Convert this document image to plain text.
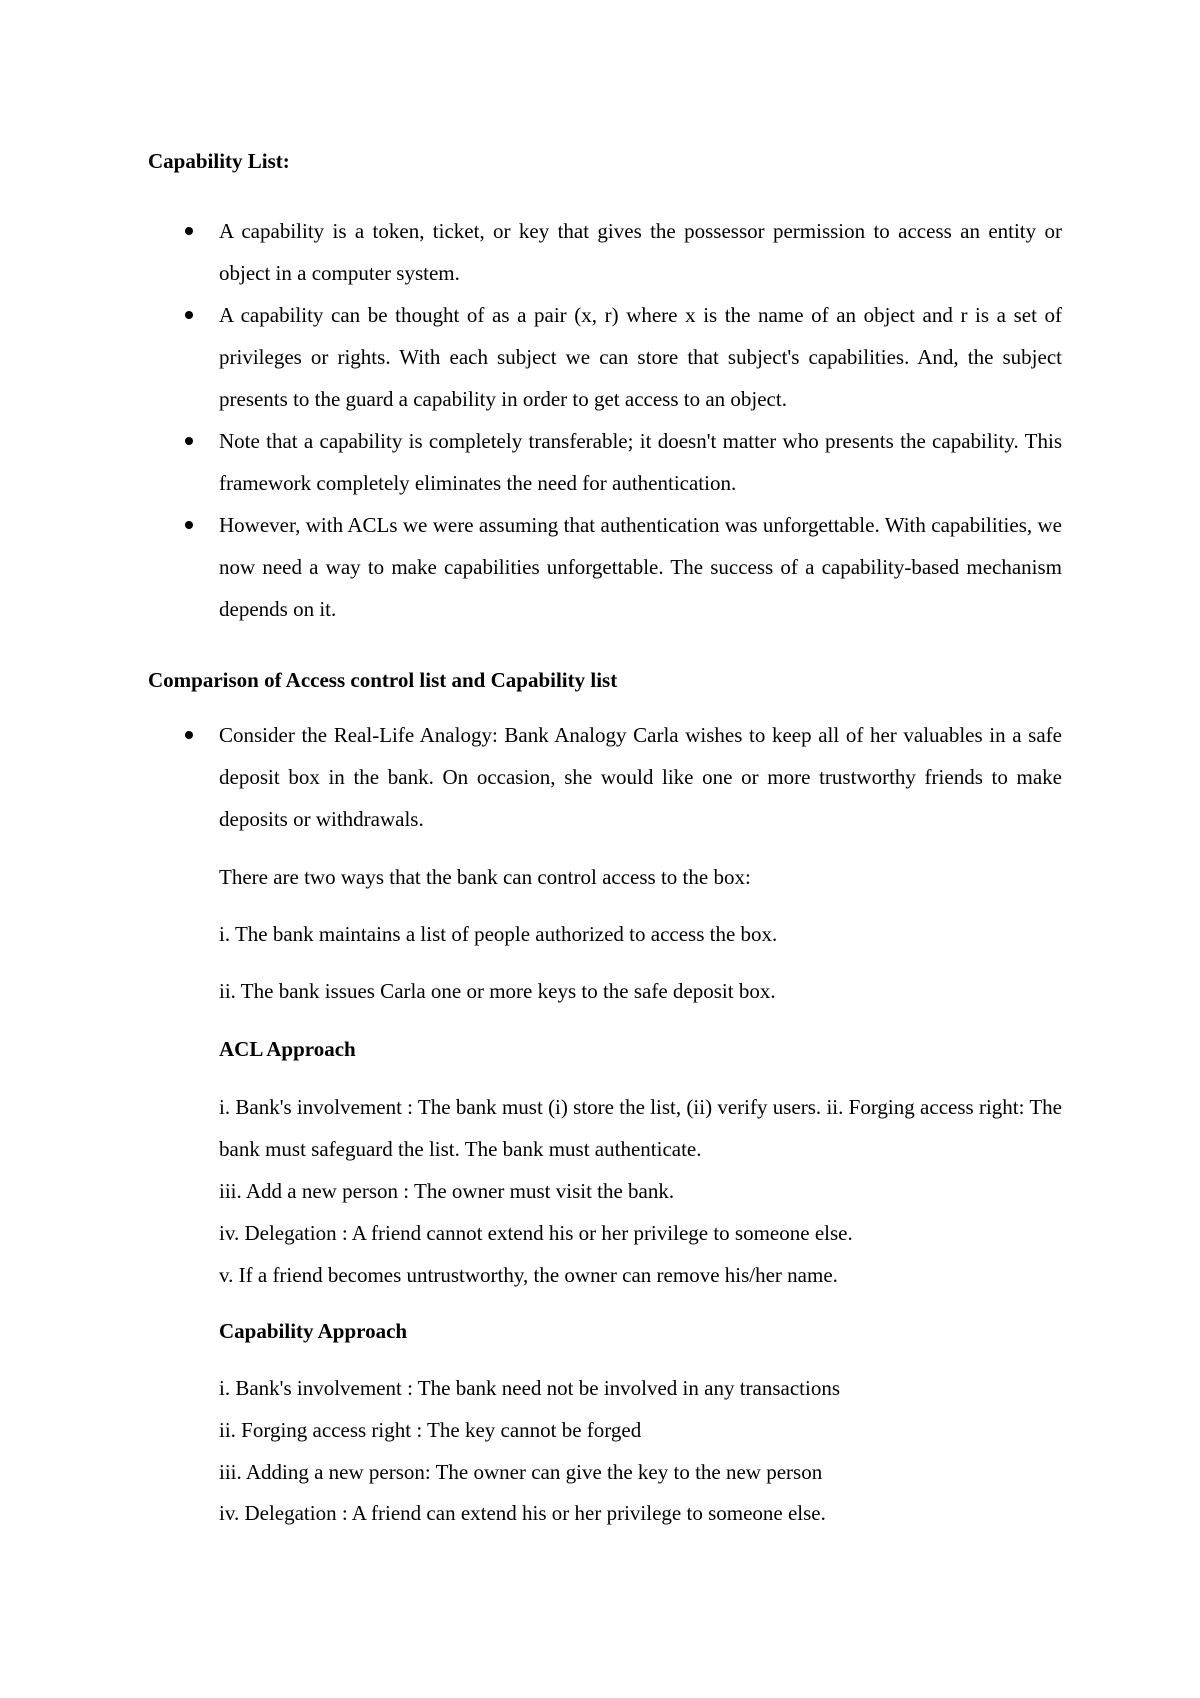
Capability List:

A capability is a token, ticket, or key that gives the possessor permission to access an entity or object in a computer system.

A capability can be thought of as a pair (x, r) where x is the name of an object and r is a set of privileges or rights. With each subject we can store that subject's capabilities. And, the subject presents to the guard a capability in order to get access to an object.

Note that a capability is completely transferable; it doesn't matter who presents the capability. This framework completely eliminates the need for authentication.

However, with ACLs we were assuming that authentication was unforgettable. With capabilities, we now need a way to make capabilities unforgettable. The success of a capability-based mechanism depends on it.

Comparison of Access control list and Capability list

Consider the Real-Life Analogy: Bank Analogy Carla wishes to keep all of her valuables in a safe deposit box in the bank. On occasion, she would like one or more trustworthy friends to make deposits or withdrawals.

There are two ways that the bank can control access to the box:

i. The bank maintains a list of people authorized to access the box.

ii. The bank issues Carla one or more keys to the safe deposit box.

ACL Approach

i. Bank's involvement : The bank must (i) store the list, (ii) verify users. ii. Forging access right: The bank must safeguard the list. The bank must authenticate.

iii. Add a new person : The owner must visit the bank.

iv. Delegation : A friend cannot extend his or her privilege to someone else.

v. If a friend becomes untrustworthy, the owner can remove his/her name.

Capability Approach

i. Bank's involvement : The bank need not be involved in any transactions

ii. Forging access right : The key cannot be forged

iii. Adding a new person: The owner can give the key to the new person

iv. Delegation : A friend can extend his or her privilege to someone else.
